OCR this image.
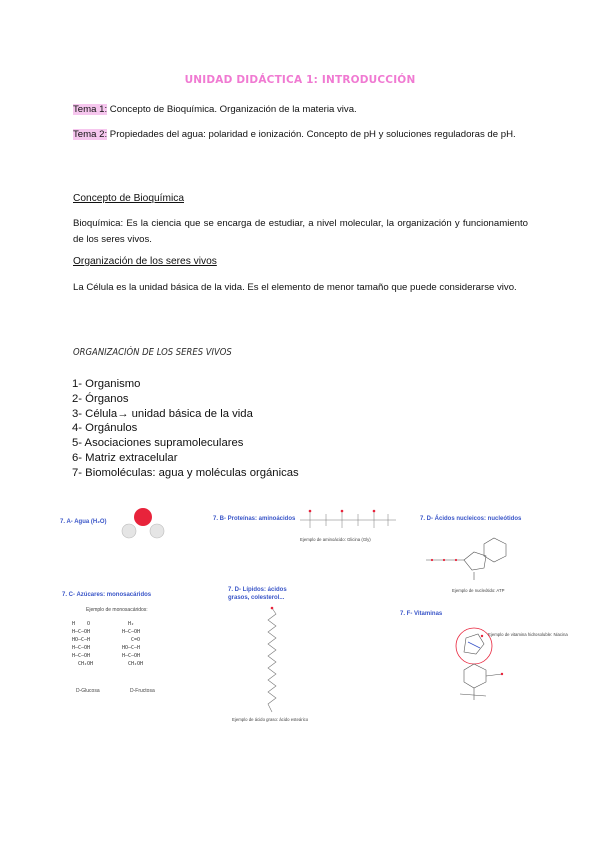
UNIDAD DIDÁCTICA 1: INTRODUCCIÓN
Tema 1: Concepto de Bioquímica. Organización de la materia viva.
Tema 2: Propiedades del agua: polaridad e ionización. Concepto de pH y soluciones reguladoras de pH.
Concepto de Bioquímica
Bioquímica: Es la ciencia que se encarga de estudiar, a nivel molecular, la organización y funcionamiento de los seres vivos.
Organización de los seres vivos
La Célula es la unidad básica de la vida. Es el elemento de menor tamaño que puede considerarse vivo.
ORGANIZACIÓN DE LOS SERES VIVOS
1- Organismo
2- Órganos
3- Célula→ unidad básica de la vida
4- Orgánulos
5- Asociaciones supramoleculares
6- Matriz extracelular
7- Biomoléculas: agua y moléculas orgánicas
7. A- Agua (H₂O)	7. B- Proteínas: aminoácidos
Ejemplo de aminoácido: Glicina (Gly)
7. D- Ácidos nucleicos: nucleótidos
Ejemplo de nucleótido: ATP
7. C- Azúcares: monosacáridos
Ejemplo de monosacáridos:
H    O
H—C—OH
HO—C—H
H—C—OH
H—C—OH
CH₂OH
H₂
H—C—OH
C=O
HO—C—H
H—C—OH
CH₂OH
D-Glucosa	D-Fructosa
7. D- Lípidos: ácidos grasos, colesterol...
Ejemplo de ácido graso: ácido esteárico
7. F- Vitaminas
Ejemplo de vitamina hidrosoluble: Niacina
